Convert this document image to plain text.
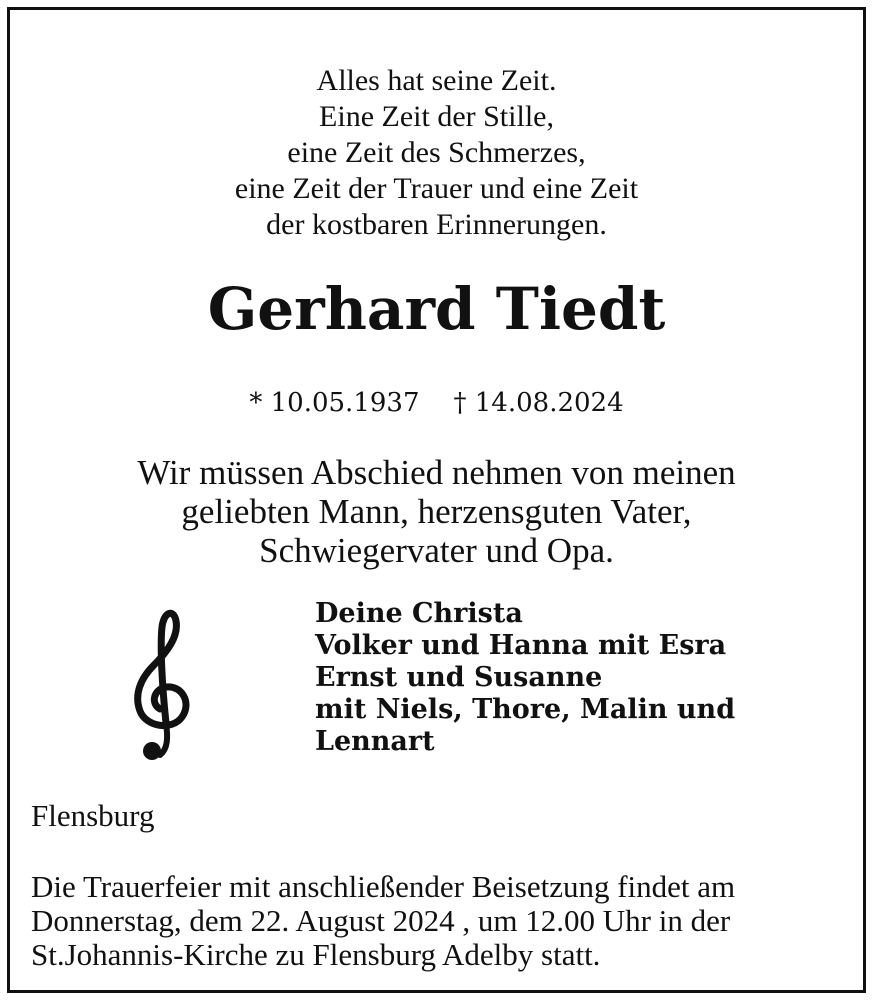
Alles hat seine Zeit.
Eine Zeit der Stille,
eine Zeit des Schmerzes,
eine Zeit der Trauer und eine Zeit
der kostbaren Erinnerungen.
Gerhard Tiedt
* 10.05.1937 † 14.08.2024
Wir müssen Abschied nehmen von meinen
geliebten Mann, herzensguten Vater,
Schwiegervater und Opa.
Deine Christa
Volker und Hanna mit Esra
Ernst und Susanne
mit Niels, Thore, Malin und
Lennart
Flensburg
Die Trauerfeier mit anschließender Beisetzung findet am
Donnerstag, dem 22. August 2024 , um 12.00 Uhr in der
St.Johannis-Kirche zu Flensburg Adelby statt.
